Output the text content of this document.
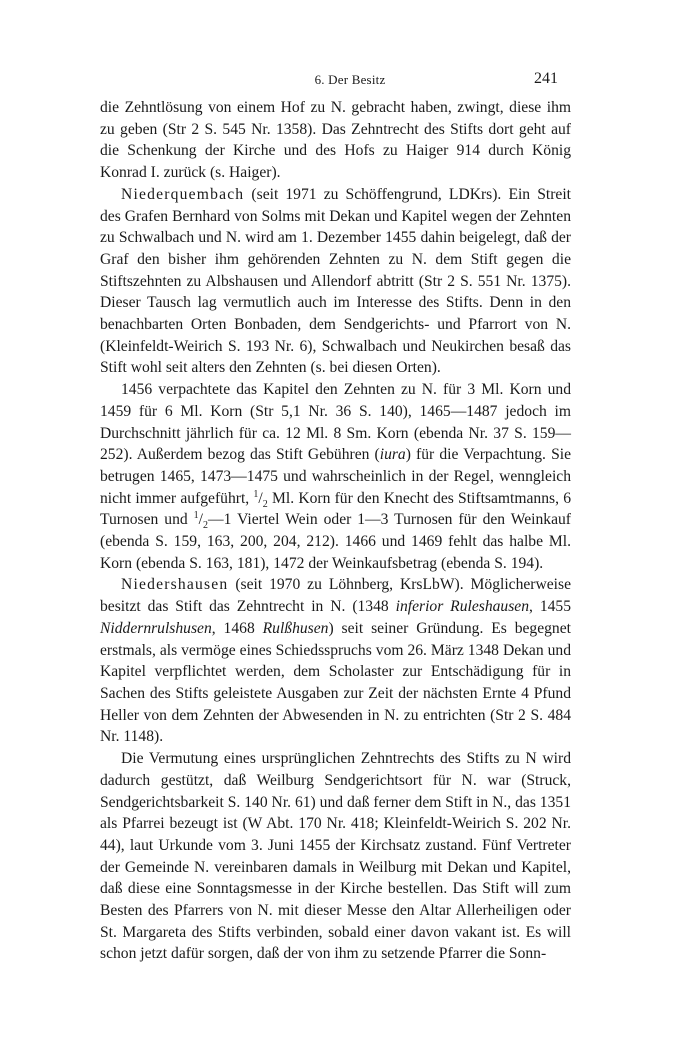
6. Der Besitz	241

die Zehntlösung von einem Hof zu N. gebracht haben, zwingt, diese ihm zu geben (Str 2 S. 545 Nr. 1358). Das Zehntrecht des Stifts dort geht auf die Schenkung der Kirche und des Hofs zu Haiger 914 durch König Konrad I. zurück (s. Haiger).

Niederquembach (seit 1971 zu Schöffengrund, LDKrs). Ein Streit des Grafen Bernhard von Solms mit Dekan und Kapitel wegen der Zehnten zu Schwalbach und N. wird am 1. Dezember 1455 dahin beigelegt, daß der Graf den bisher ihm gehörenden Zehnten zu N. dem Stift gegen die Stiftszehnten zu Albshausen und Allendorf abtritt (Str 2 S. 551 Nr. 1375). Dieser Tausch lag vermutlich auch im Interesse des Stifts. Denn in den benachbarten Orten Bonbaden, dem Sendgerichts- und Pfarrort von N. (Kleinfeldt-Weirich S. 193 Nr. 6), Schwalbach und Neukirchen besaß das Stift wohl seit alters den Zehnten (s. bei diesen Orten).

1456 verpachtete das Kapitel den Zehnten zu N. für 3 Ml. Korn und 1459 für 6 Ml. Korn (Str 5,1 Nr. 36 S. 140), 1465—1487 jedoch im Durchschnitt jährlich für ca. 12 Ml. 8 Sm. Korn (ebenda Nr. 37 S. 159—252). Außerdem bezog das Stift Gebühren (iura) für die Verpachtung. Sie betrugen 1465, 1473—1475 und wahrscheinlich in der Regel, wenngleich nicht immer aufgeführt, $^1/_2$ Ml. Korn für den Knecht des Stiftsamtmanns, 6 Turnosen und $^1/_2—1$ Viertel Wein oder 1—3 Turnosen für den Weinkauf (ebenda S. 159, 163, 200, 204, 212). 1466 und 1469 fehlt das halbe Ml. Korn (ebenda S. 163, 181), 1472 der Weinkaufsbetrag (ebenda S. 194).

Niedershausen (seit 1970 zu Löhnberg, KrsLbW). Möglicherweise besitzt das Stift das Zehntrecht in N. (1348 inferior Ruleshausen, 1455 Niddernrulshusen, 1468 Rulßhusen) seit seiner Gründung. Es begegnet erstmals, als vermöge eines Schiedsspruchs vom 26. März 1348 Dekan und Kapitel verpflichtet werden, dem Scholaster zur Entschädigung für in Sachen des Stifts geleistete Ausgaben zur Zeit der nächsten Ernte 4 Pfund Heller von dem Zehnten der Abwesenden in N. zu entrichten (Str 2 S. 484 Nr. 1148).

Die Vermutung eines ursprünglichen Zehntrechts des Stifts zu N wird dadurch gestützt, daß Weilburg Sendgerichtsort für N. war (Struck, Sendgerichtsbarkeit S. 140 Nr. 61) und daß ferner dem Stift in N., das 1351 als Pfarrei bezeugt ist (W Abt. 170 Nr. 418; Kleinfeldt-Weirich S. 202 Nr. 44), laut Urkunde vom 3. Juni 1455 der Kirchsatz zustand. Fünf Vertreter der Gemeinde N. vereinbaren damals in Weilburg mit Dekan und Kapitel, daß diese eine Sonntagsmesse in der Kirche bestellen. Das Stift will zum Besten des Pfarrers von N. mit dieser Messe den Altar Allerheiligen oder St. Margareta des Stifts verbinden, sobald einer davon vakant ist. Es will schon jetzt dafür sorgen, daß der von ihm zu setzende Pfarrer die Sonn-
